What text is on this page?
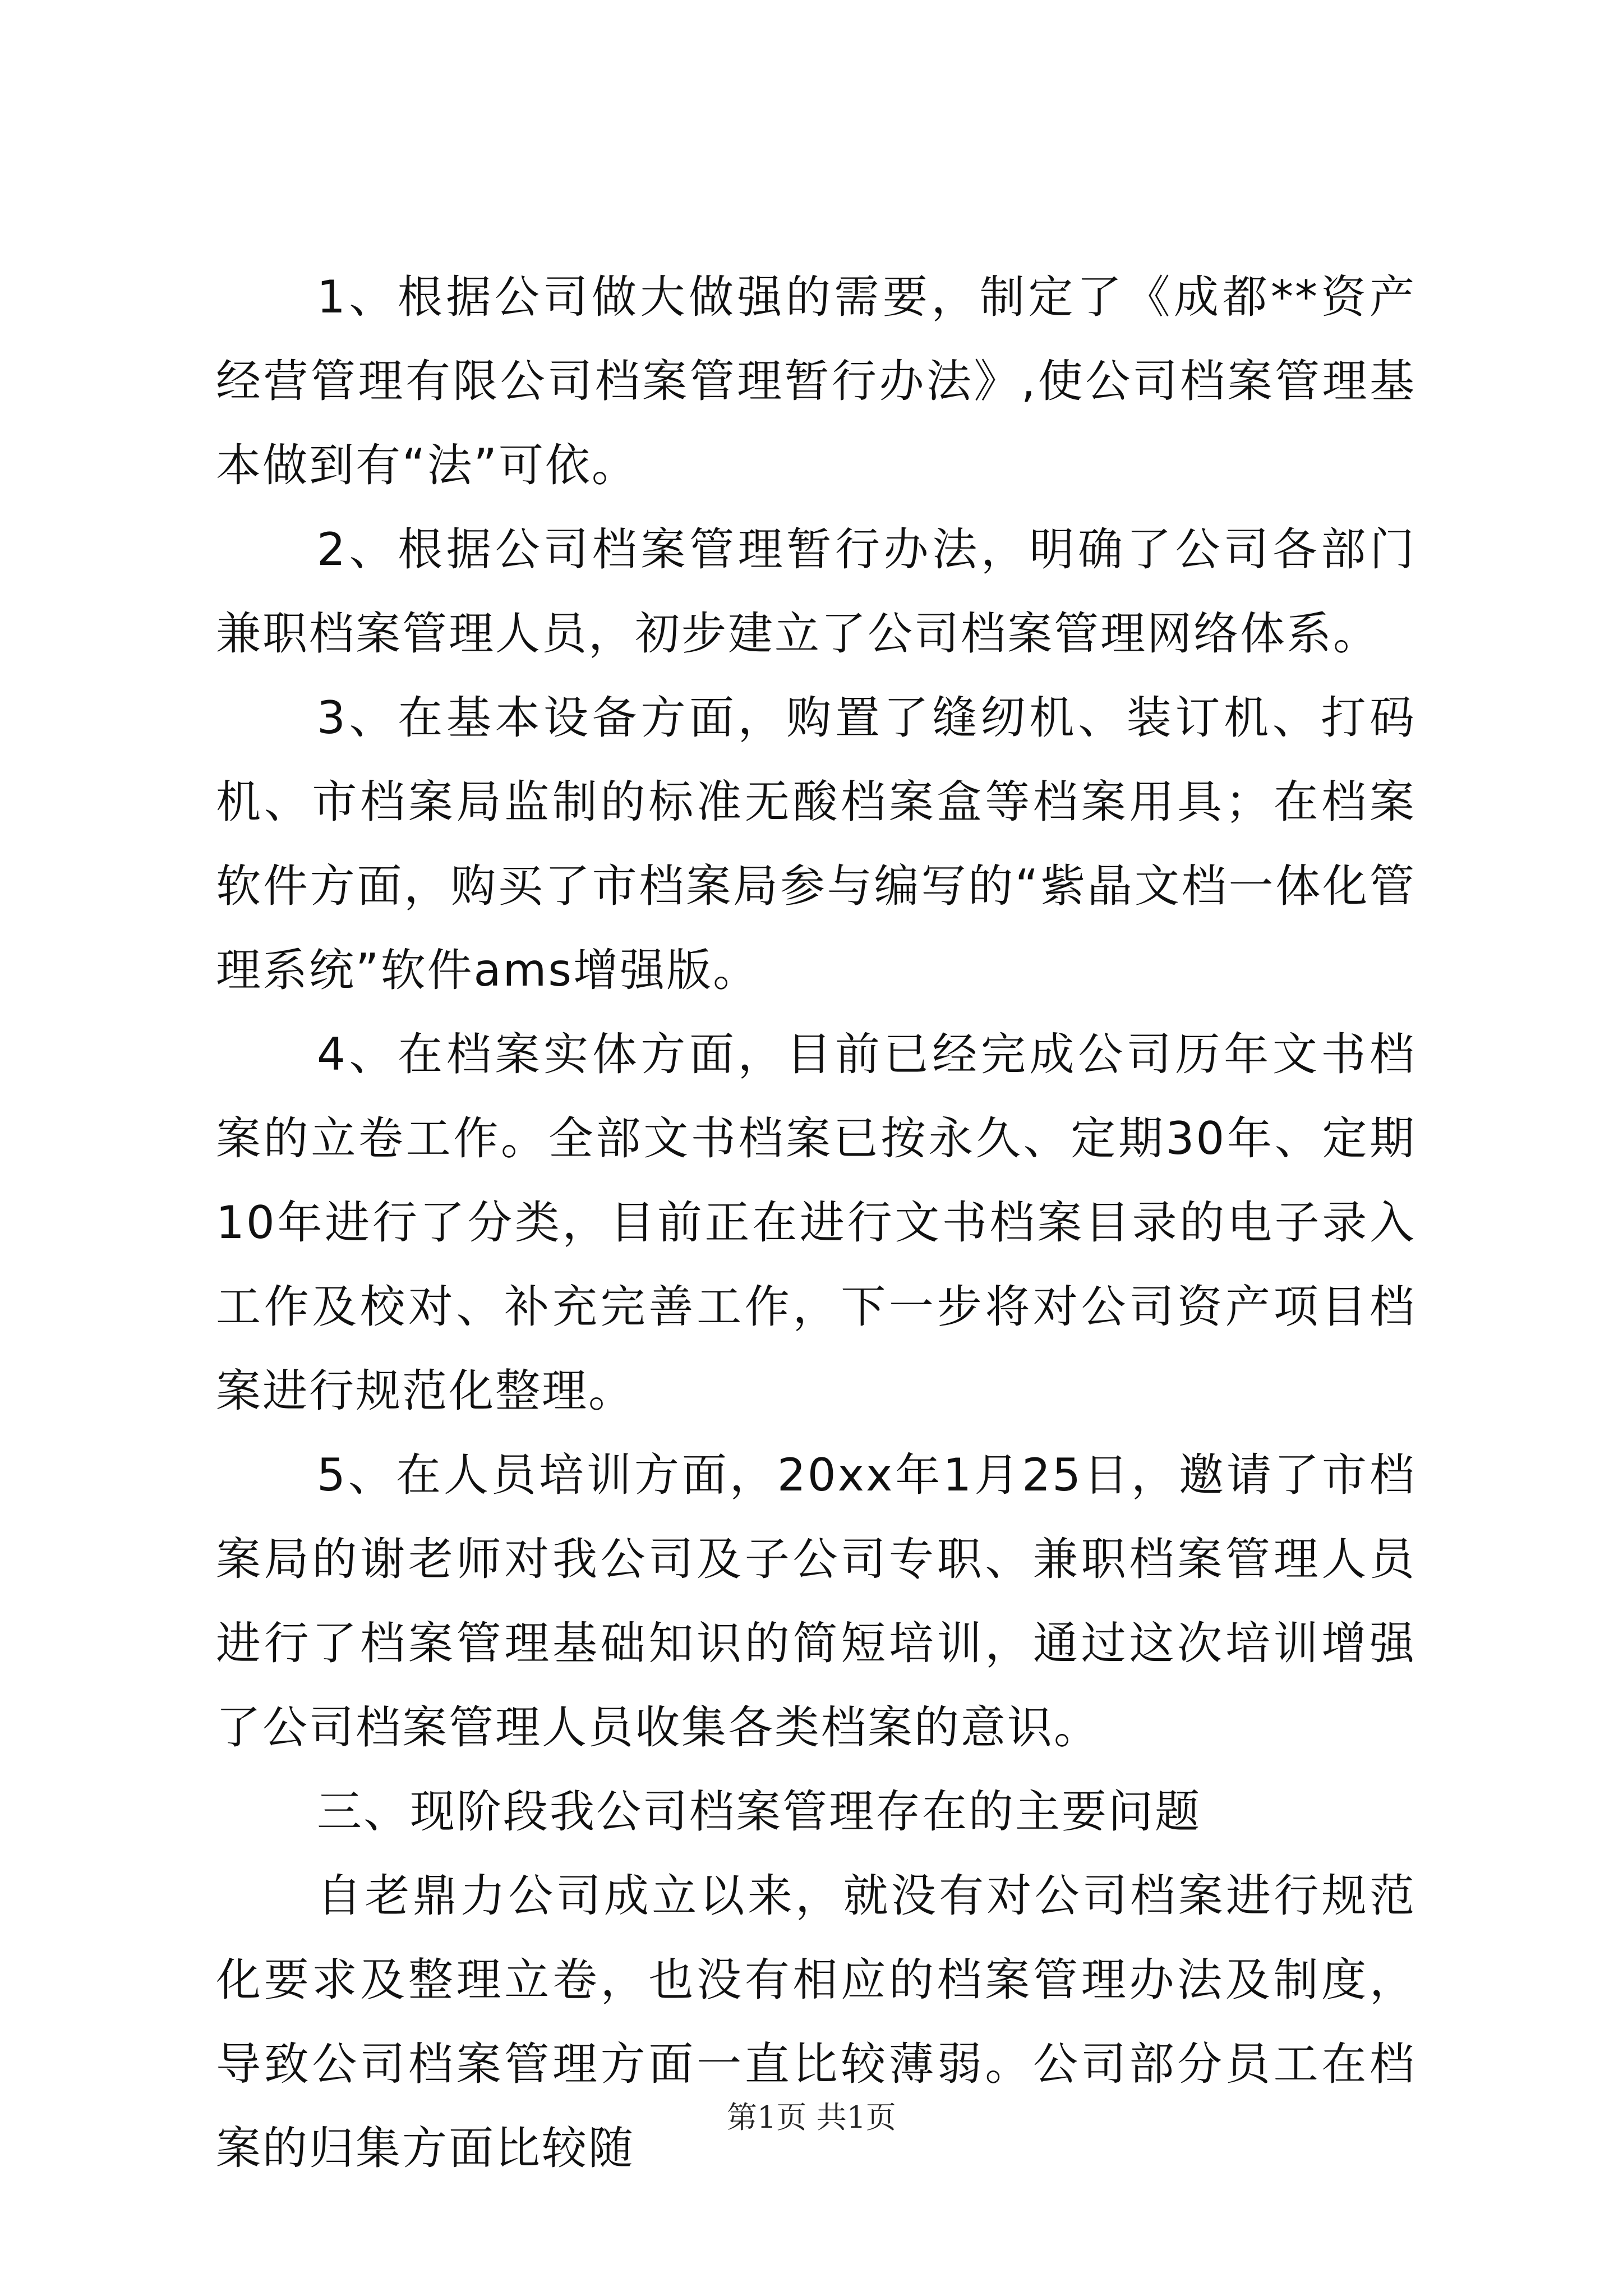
1、根据公司做大做强的需要，制定了《成都**资产经营管理有限公司档案管理暂行办法》,使公司档案管理基本做到有“法”可依。

2、根据公司档案管理暂行办法，明确了公司各部门兼职档案管理人员，初步建立了公司档案管理网络体系。

3、在基本设备方面，购置了缝纫机、装订机、打码机、市档案局监制的标准无酸档案盒等档案用具；在档案软件方面，购买了市档案局参与编写的“紫晶文档一体化管理系统”软件ams增强版。

4、在档案实体方面，目前已经完成公司历年文书档案的立卷工作。全部文书档案已按永久、定期30年、定期10年进行了分类，目前正在进行文书档案目录的电子录入工作及校对、补充完善工作，下一步将对公司资产项目档案进行规范化整理。

5、在人员培训方面，20xx年1月25日，邀请了市档案局的谢老师对我公司及子公司专职、兼职档案管理人员进行了档案管理基础知识的简短培训，通过这次培训增强了公司档案管理人员收集各类档案的意识。

三、现阶段我公司档案管理存在的主要问题

自老鼎力公司成立以来，就没有对公司档案进行规范化要求及整理立卷，也没有相应的档案管理办法及制度，导致公司档案管理方面一直比较薄弱。公司部分员工在档案的归集方面比较随

第1页 共1页
